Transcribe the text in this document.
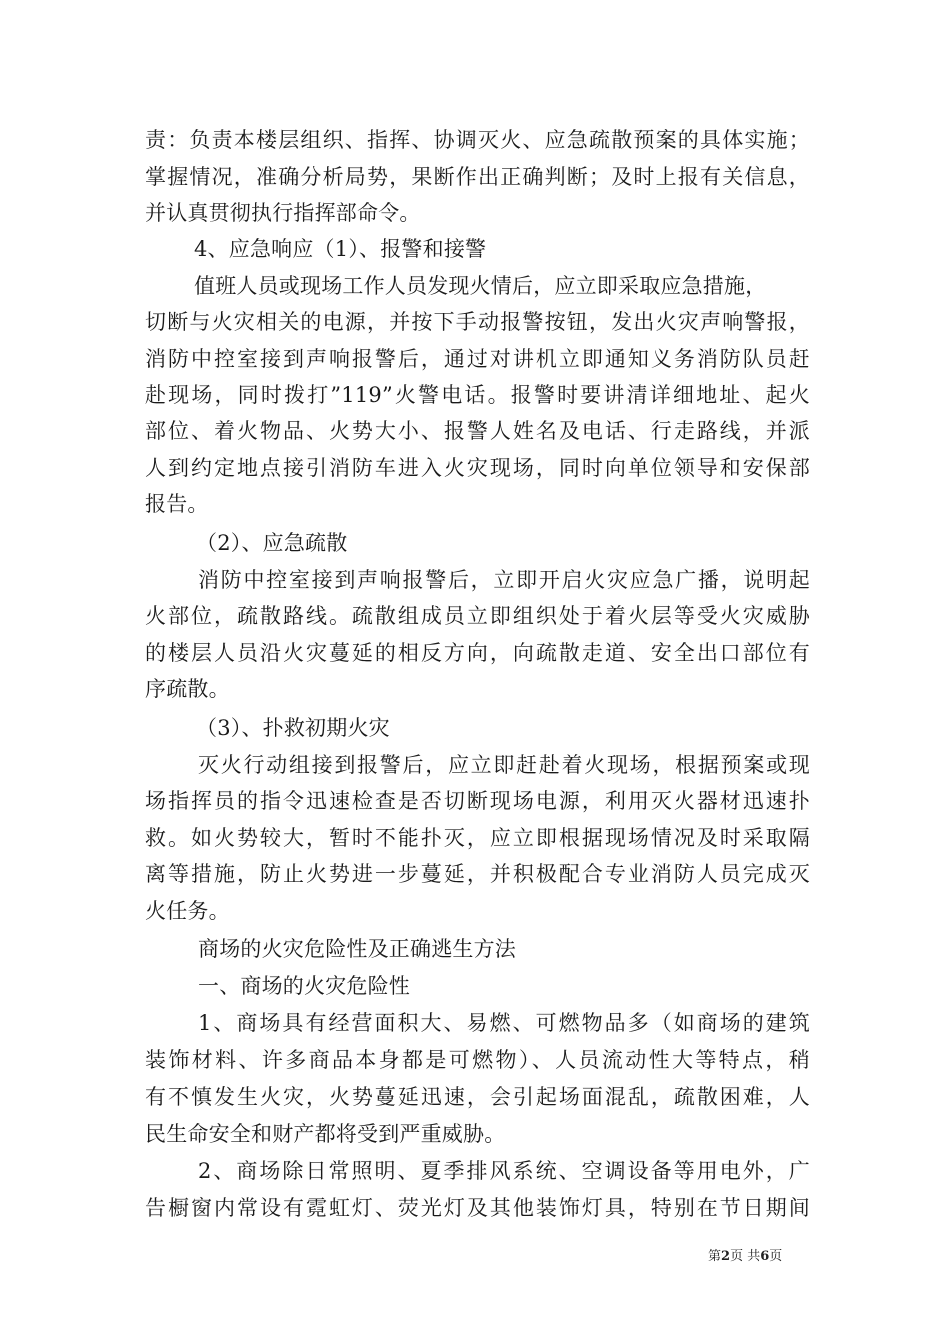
责：负责本楼层组织、指挥、协调灭火、应急疏散预案的具体实施；
掌握情况，准确分析局势，果断作出正确判断；及时上报有关信息，
并认真贯彻执行指挥部命令。
4、应急响应（1）、报警和接警
值班人员或现场工作人员发现火情后，应立即采取应急措施，
切断与火灾相关的电源，并按下手动报警按钮，发出火灾声响警报，
消防中控室接到声响报警后，通过对讲机立即通知义务消防队员赶
赴现场，同时拨打”119”火警电话。报警时要讲清详细地址、起火
部位、着火物品、火势大小、报警人姓名及电话、行走路线，并派
人到约定地点接引消防车进入火灾现场，同时向单位领导和安保部
报告。
（2）、应急疏散
消防中控室接到声响报警后，立即开启火灾应急广播，说明起
火部位，疏散路线。疏散组成员立即组织处于着火层等受火灾威胁
的楼层人员沿火灾蔓延的相反方向，向疏散走道、安全出口部位有
序疏散。
（3）、扑救初期火灾
灭火行动组接到报警后，应立即赶赴着火现场，根据预案或现
场指挥员的指令迅速检查是否切断现场电源，利用灭火器材迅速扑
救。如火势较大，暂时不能扑灭，应立即根据现场情况及时采取隔
离等措施，防止火势进一步蔓延，并积极配合专业消防人员完成灭
火任务。
商场的火灾危险性及正确逃生方法
一、商场的火灾危险性
1、商场具有经营面积大、易燃、可燃物品多（如商场的建筑
装饰材料、许多商品本身都是可燃物）、人员流动性大等特点，稍
有不慎发生火灾，火势蔓延迅速，会引起场面混乱，疏散困难，人
民生命安全和财产都将受到严重威胁。
2、商场除日常照明、夏季排风系统、空调设备等用电外，广
告橱窗内常设有霓虹灯、荧光灯及其他装饰灯具，特别在节日期间
第2页 共6页
